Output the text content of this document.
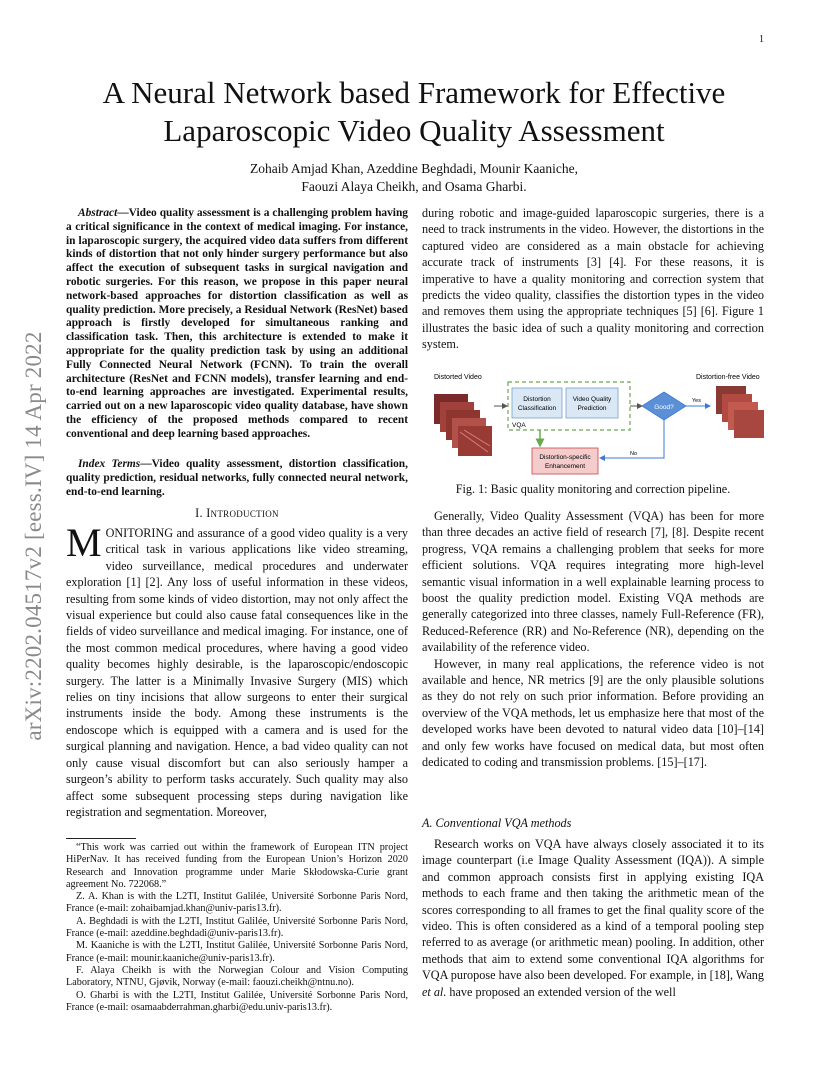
1
arXiv:2202.04517v2 [eess.IV] 14 Apr 2022
A Neural Network based Framework for Effective
Laparoscopic Video Quality Assessment
Zohaib Amjad Khan, Azeddine Beghdadi, Mounir Kaaniche,
Faouzi Alaya Cheikh, and Osama Gharbi.
Abstract—Video quality assessment is a challenging problem having a critical significance in the context of medical imaging. For instance, in laparoscopic surgery, the acquired video data suffers from different kinds of distortion that not only hinder surgery performance but also affect the execution of subsequent tasks in surgical navigation and robotic surgeries. For this reason, we propose in this paper neural network-based approaches for distortion classification as well as quality prediction. More precisely, a Residual Network (ResNet) based approach is firstly developed for simultaneous ranking and classification task. Then, this architecture is extended to make it appropriate for the quality prediction task by using an additional Fully Connected Neural Network (FCNN). To train the overall architecture (ResNet and FCNN models), transfer learning and end-to-end learning approaches are investigated. Experimental results, carried out on a new laparoscopic video quality database, have shown the efficiency of the proposed methods compared to recent conventional and deep learning based approaches.
Index Terms—Video quality assessment, distortion classification, quality prediction, residual networks, fully connected neural network, end-to-end learning.
I. Introduction
MONITORING and assurance of a good video quality is a very critical task in various applications like video streaming, video surveillance, medical procedures and underwater exploration [1] [2]. Any loss of useful information in these videos, resulting from some kinds of video distortion, may not only affect the visual experience but could also cause fatal consequences like in the fields of video surveillance and medical imaging. For instance, one of the most common medical procedures, where having a good video quality becomes highly desirable, is the laparoscopic/endoscopic surgery. The latter is a Minimally Invasive Surgery (MIS) which relies on tiny incisions that allow surgeons to enter their surgical instruments inside the body. Among these instruments is the endoscope which is equipped with a camera and is used for the surgical planning and navigation. Hence, a bad video quality can not only cause visual discomfort but can also seriously hamper a surgeon’s ability to perform tasks accurately. Such quality may also affect some subsequent processing steps during navigation like registration and segmentation. Moreover,

“This work was carried out within the framework of European ITN project HiPerNav. It has received funding from the European Union’s Horizon 2020 Research and Innovation programme under Marie Skłodowska-Curie grant agreement No. 722068.”

Z. A. Khan is with the L2TI, Institut Galilée, Université Sorbonne Paris Nord, France (e-mail: zohaibamjad.khan@univ-paris13.fr).

A. Beghdadi is with the L2TI, Institut Galilée, Université Sorbonne Paris Nord, France (e-mail: azeddine.beghdadi@univ-paris13.fr).

M. Kaaniche is with the L2TI, Institut Galilée, Université Sorbonne Paris Nord, France (e-mail: mounir.kaaniche@univ-paris13.fr).

F. Alaya Cheikh is with the Norwegian Colour and Vision Computing Laboratory, NTNU, Gjøvik, Norway (e-mail: faouzi.cheikh@ntnu.no).

O. Gharbi is with the L2TI, Institut Galilée, Université Sorbonne Paris Nord, France (e-mail: osamaabderrahman.gharbi@edu.univ-paris13.fr).

during robotic and image-guided laparoscopic surgeries, there is a need to track instruments in the video. However, the distortions in the captured video are considered as a main obstacle for achieving accurate track of instruments [3] [4]. For these reasons, it is imperative to have a quality monitoring and correction system that predicts the video quality, classifies the distortion types in the video and removes them using the appropriate techniques [5] [6]. Figure 1 illustrates the basic idea of such a quality monitoring and correction system.
Distorted Video
Distortion
Classification
Video Quality
Prediction
VQA
Good?
Yes
Distortion-free Video
Distortion-specific
Enhancement
No
Fig. 1: Basic quality monitoring and correction pipeline.

Generally, Video Quality Assessment (VQA) has been for more than three decades an active field of research [7], [8]. Despite recent progress, VQA remains a challenging problem that seeks for more efficient solutions. VQA requires integrating more high-level semantic visual information in a well explainable learning process to boost the quality prediction model. Existing VQA methods are generally categorized into three classes, namely Full-Reference (FR), Reduced-Reference (RR) and No-Reference (NR), depending on the availability of the reference video.

However, in many real applications, the reference video is not available and hence, NR metrics [9] are the only plausible solutions as they do not rely on such prior information. Before providing an overview of the VQA methods, let us emphasize here that most of the developed works have been devoted to natural video data [10]–[14] and only few works have focused on medical data, but most often dedicated to coding and transmission problems. [15]–[17].

A. Conventional VQA methods

Research works on VQA have always closely associated it to its image counterpart (i.e Image Quality Assessment (IQA)). A simple and common approach consists first in applying existing IQA methods to each frame and then taking the arithmetic mean of the scores corresponding to all frames to get the final quality score of the video. This is often considered as a kind of a temporal pooling step referred to as average (or arithmetic mean) pooling. In addition, other methods that aim to extend some conventional IQA algorithms for VQA puropose have also been developed. For example, in [18], Wang et al. have proposed an extended version of the well
